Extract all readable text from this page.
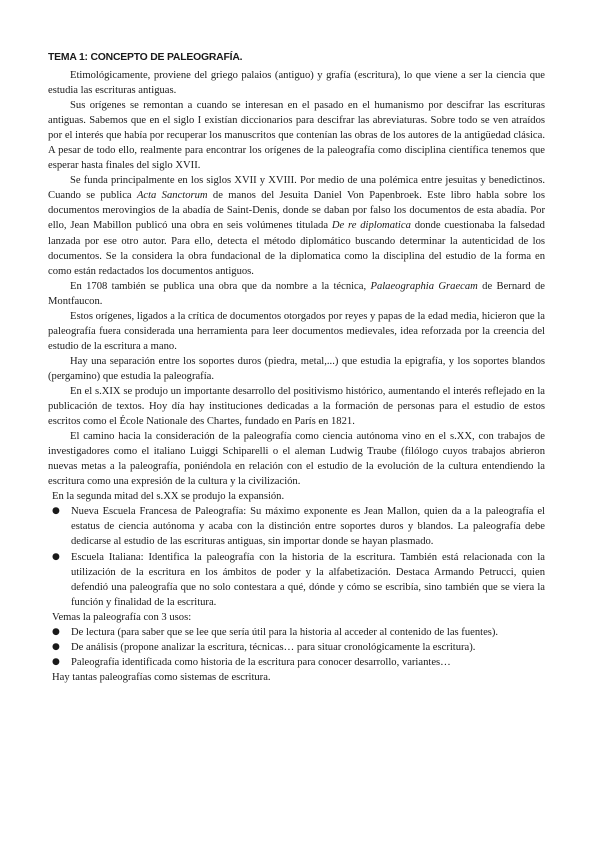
TEMA 1: CONCEPTO DE PALEOGRAFÍA.

Etimológicamente, proviene del griego palaios (antiguo) y grafía (escritura), lo que viene a ser la ciencia que estudia las escrituras antiguas.

Sus orígenes se remontan a cuando se interesan en el pasado en el humanismo por descifrar las escrituras antiguas. Sabemos que en el siglo I existían diccionarios para descifrar las abreviaturas. Sobre todo se ven atraídos por el interés que había por recuperar los manuscritos que contenían las obras de los autores de la antigüedad clásica. A pesar de todo ello, realmente para encontrar los orígenes de la paleografía como disciplina científica tenemos que esperar hasta finales del siglo XVII.

Se funda principalmente en los siglos XVII y XVIII. Por medio de una polémica entre jesuitas y benedictinos. Cuando se publica Acta Sanctorum de manos del Jesuita Daniel Von Papenbroek. Este libro habla sobre los documentos merovingios de la abadía de Saint-Denis, donde se daban por falso los documentos de esta abadía. Por ello, Jean Mabillon publicó una obra en seis volúmenes titulada De re diplomatica donde cuestionaba la falsedad lanzada por ese otro autor. Para ello, detecta el método diplomático buscando determinar la autenticidad de los documentos. Se la considera la obra fundacional de la diplomatica como la disciplina del estudio de la forma en como están redactados los documentos antiguos.

En 1708 también se publica una obra que da nombre a la técnica, Palaeographia Graecam de Bernard de Montfaucon.

Estos orígenes, ligados a la crítica de documentos otorgados por reyes y papas de la edad media, hicieron que la paleografía fuera considerada una herramienta para leer documentos medievales, idea reforzada por la creencia del estudio de la escritura a mano.

Hay una separación entre los soportes duros (piedra, metal,...) que estudia la epigrafía, y los soportes blandos (pergamino) que estudia la paleografía.

En el s.XIX se produjo un importante desarrollo del positivismo histórico, aumentando el interés reflejado en la publicación de textos. Hoy día hay instituciones dedicadas a la formación de personas para el estudio de estos escritos como el École Nationale des Chartes, fundado en París en 1821.

El camino hacia la consideración de la paleografía como ciencia autónoma vino en el s.XX, con trabajos de investigadores como el italiano Luiggi Schiparelli o el aleman Ludwig Traube (filólogo cuyos trabajos abrieron nuevas metas a la paleografía, poniéndola en relación con el estudio de la evolución de la cultura entendiendo la escritura como una expresión de la cultura y la civilización.

En la segunda mitad del s.XX se produjo la expansión.

● Nueva Escuela Francesa de Paleografía: Su máximo exponente es Jean Mallon, quien da a la paleografía el estatus de ciencia autónoma y acaba con la distinción entre soportes duros y blandos. La paleografía debe dedicarse al estudio de las escrituras antiguas, sin importar donde se hayan plasmado.
● Escuela Italiana: Identifica la paleografía con la historia de la escritura. También está relacionada con la utilización de la escritura en los ámbitos de poder y la alfabetización. Destaca Armando Petrucci, quien defendió una paleografía que no solo contestara a qué, dónde y cómo se escribía, sino también que se viera la función y finalidad de la escritura.

Vemas la paleografía con 3 usos:

● De lectura (para saber que se lee que sería útil para la historia al acceder al contenido de las fuentes).
● De análisis (propone analizar la escritura, técnicas… para situar cronológicamente la escritura).
● Paleografía identificada como historia de la escritura para conocer desarrollo, variantes…

Hay tantas paleografías como sistemas de escritura.
